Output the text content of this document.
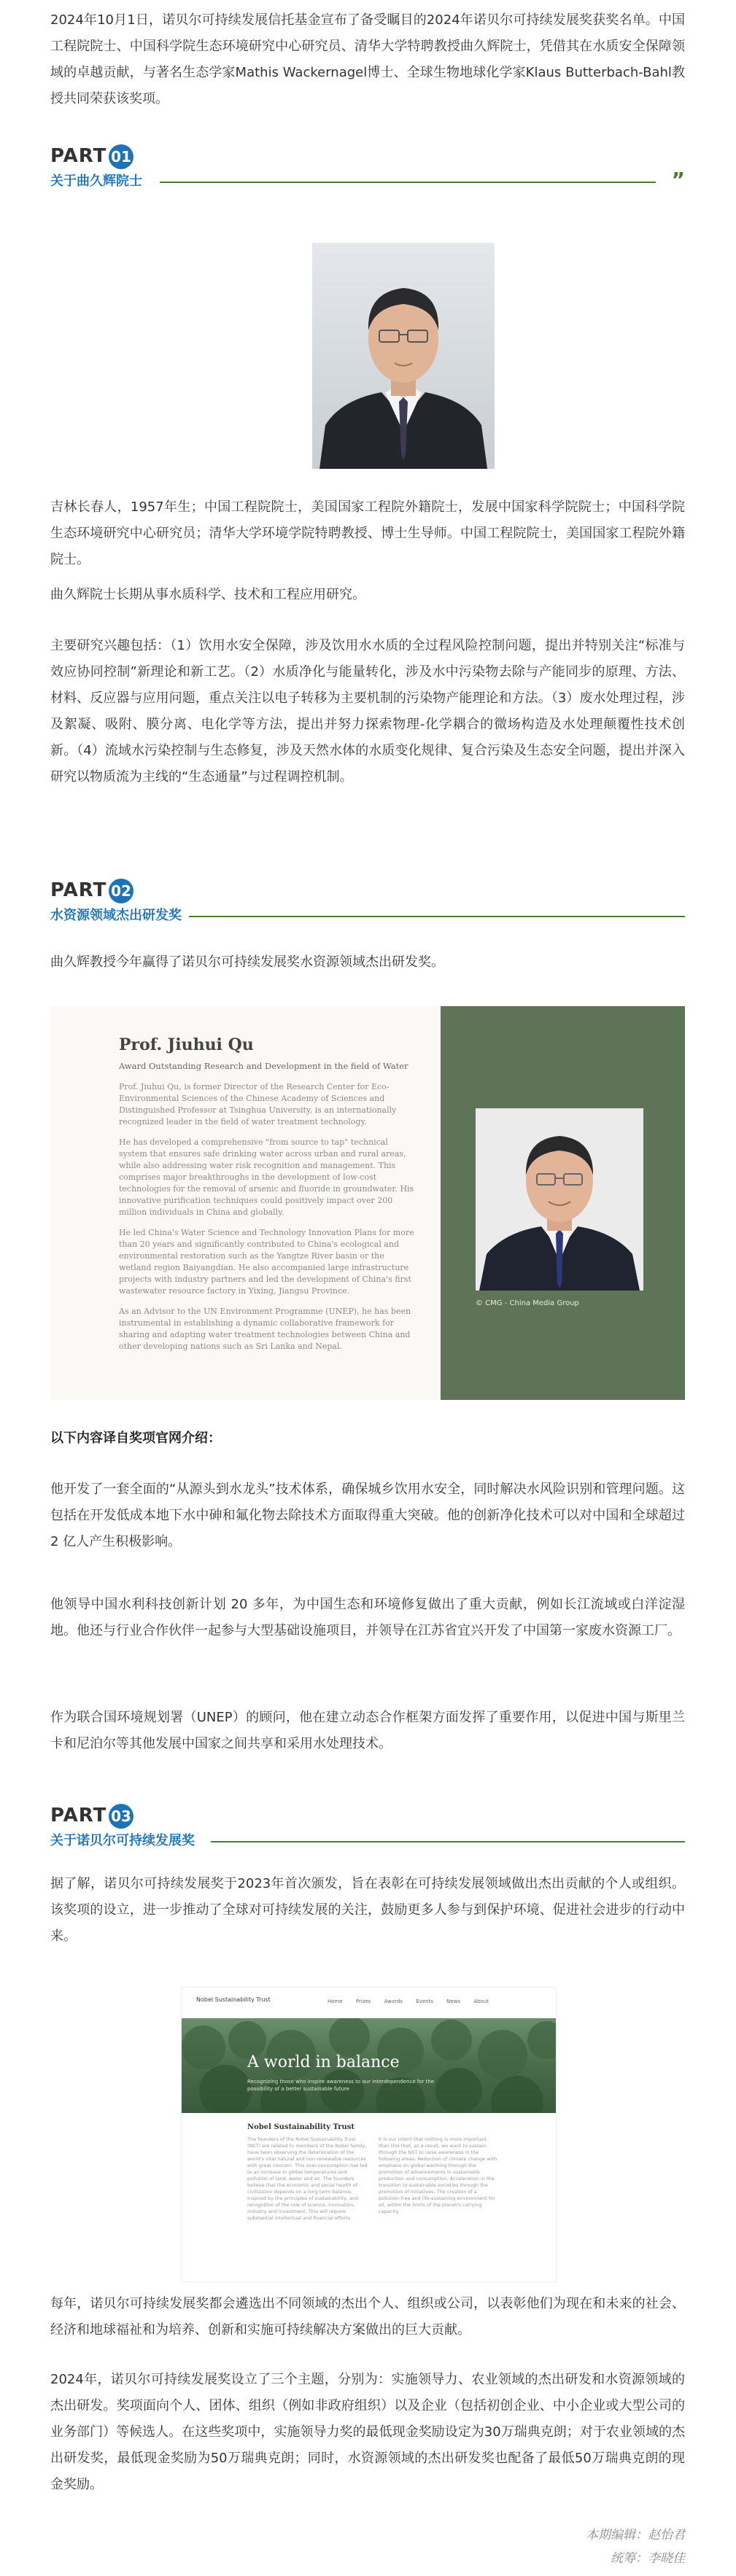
2024年10月1日，诺贝尔可持续发展信托基金宣布了备受瞩目的2024年诺贝尔可持续发展奖获奖名单。中国工程院院士、中国科学院生态环境研究中心研究员、清华大学特聘教授曲久辉院士，凭借其在水质安全保障领域的卓越贡献，与著名生态学家Mathis Wackernagel博士、全球生物地球化学家Klaus Butterbach-Bahl教授共同荣获该奖项。
PART 01
关于曲久辉院士	”
吉林长春人，1957年生；中国工程院院士，美国国家工程院外籍院士，发展中国家科学院院士；中国科学院生态环境研究中心研究员；清华大学环境学院特聘教授、博士生导师。中国工程院院士，美国国家工程院外籍院士。
曲久辉院士长期从事水质科学、技术和工程应用研究。
主要研究兴趣包括：（1）饮用水安全保障，涉及饮用水水质的全过程风险控制问题，提出并特别关注“标准与效应协同控制”新理论和新工艺。（2）水质净化与能量转化，涉及水中污染物去除与产能同步的原理、方法、材料、反应器与应用问题，重点关注以电子转移为主要机制的污染物产能理论和方法。（3）废水处理过程，涉及絮凝、吸附、膜分离、电化学等方法，提出并努力探索物理-化学耦合的微场构造及水处理颠覆性技术创新。（4）流域水污染控制与生态修复，涉及天然水体的水质变化规律、复合污染及生态安全问题，提出并深入研究以物质流为主线的“生态通量”与过程调控机制。
PART 02
水资源领域杰出研发奖
曲久辉教授今年赢得了诺贝尔可持续发展奖水资源领域杰出研发奖。
Prof. Jiuhui Qu
Award Outstanding Research and Development in the field of Water
Prof. Jiuhui Qu, is former Director of the Research Center for Eco-Environmental Sciences of the Chinese Academy of Sciences and Distinguished Professor at Tsinghua University, is an internationally recognized leader in the field of water treatment technology.
He has developed a comprehensive "from source to tap" technical system that ensures safe drinking water across urban and rural areas, while also addressing water risk recognition and management. This comprises major breakthroughs in the development of low-cost technologies for the removal of arsenic and fluoride in groundwater. His innovative purification techniques could positively impact over 200 million individuals in China and globally.
He led China's Water Science and Technology Innovation Plans for more than 20 years and significantly contributed to China's ecological and environmental restoration such as the Yangtze River basin or the wetland region Baiyangdian. He also accompanied large infrastructure projects with industry partners and led the development of China's first wastewater resource factory in Yixing, Jiangsu Province.
As an Advisor to the UN Environment Programme (UNEP), he has been instrumental in establishing a dynamic collaborative framework for sharing and adapting water treatment technologies between China and other developing nations such as Sri Lanka and Nepal.
© CMG - China Media Group
以下内容译自奖项官网介绍：
他开发了一套全面的“从源头到水龙头”技术体系，确保城乡饮用水安全，同时解决水风险识别和管理问题。这包括在开发低成本地下水中砷和氟化物去除技术方面取得重大突破。他的创新净化技术可以对中国和全球超过 2 亿人产生积极影响。
他领导中国水利科技创新计划 20 多年，为中国生态和环境修复做出了重大贡献，例如长江流域或白洋淀湿地。他还与行业合作伙伴一起参与大型基础设施项目，并领导在江苏省宜兴开发了中国第一家废水资源工厂。
作为联合国环境规划署（UNEP）的顾问，他在建立动态合作框架方面发挥了重要作用，以促进中国与斯里兰卡和尼泊尔等其他发展中国家之间共享和采用水处理技术。
PART 03
关于诺贝尔可持续发展奖
据了解，诺贝尔可持续发展奖于2023年首次颁发，旨在表彰在可持续发展领域做出杰出贡献的个人或组织。该奖项的设立，进一步推动了全球对可持续发展的关注，鼓励更多人参与到保护环境、促进社会进步的行动中来。
Nobel Sustainability Trust	Home Prizes Awards Events News About
A world in balance
Recognizing those who inspire awareness to our interdependence for the possibility of a better sustainable future
Nobel Sustainability Trust
The founders of the Nobel Sustainability Trust (NST) are related to members of the Nobel family, have been observing the deterioration of the world's vital natural and non-renewable resources with great concern. This over-consumption has led to an increase in global temperatures and pollution of land, water and air. The founders believe that the economic and social health of civilization depends on a long term balance, inspired by the principles of sustainability, and recognition of the role of science, innovation, industry and investment. This will require substantial intellectual and financial efforts.
It is our intent that nothing is more important than this that, as a result, we want to sustain through the NST to raise awareness in the following areas: Reduction of climate change with emphasis on global warming through the promotion of advancements in sustainable production and consumption; Acceleration in the transition to sustainable societies through the promotion of initiatives; The creation of a pollution-free and life-sustaining environment for all, within the limits of the planet's carrying capacity.
每年，诺贝尔可持续发展奖都会遴选出不同领域的杰出个人、组织或公司，以表彰他们为现在和未来的社会、经济和地球福祉和为培养、创新和实施可持续解决方案做出的巨大贡献。
2024年，诺贝尔可持续发展奖设立了三个主题，分别为：实施领导力、农业领域的杰出研发和水资源领域的杰出研发。奖项面向个人、团体、组织（例如非政府组织）以及企业（包括初创企业、中小企业或大型公司的业务部门）等候选人。在这些奖项中，实施领导力奖的最低现金奖励设定为30万瑞典克朗；对于农业领域的杰出研发奖，最低现金奖励为50万瑞典克朗；同时，水资源领域的杰出研发奖也配备了最低50万瑞典克朗的现金奖励。
本期编辑：赵怡君
统筹：李晓佳
